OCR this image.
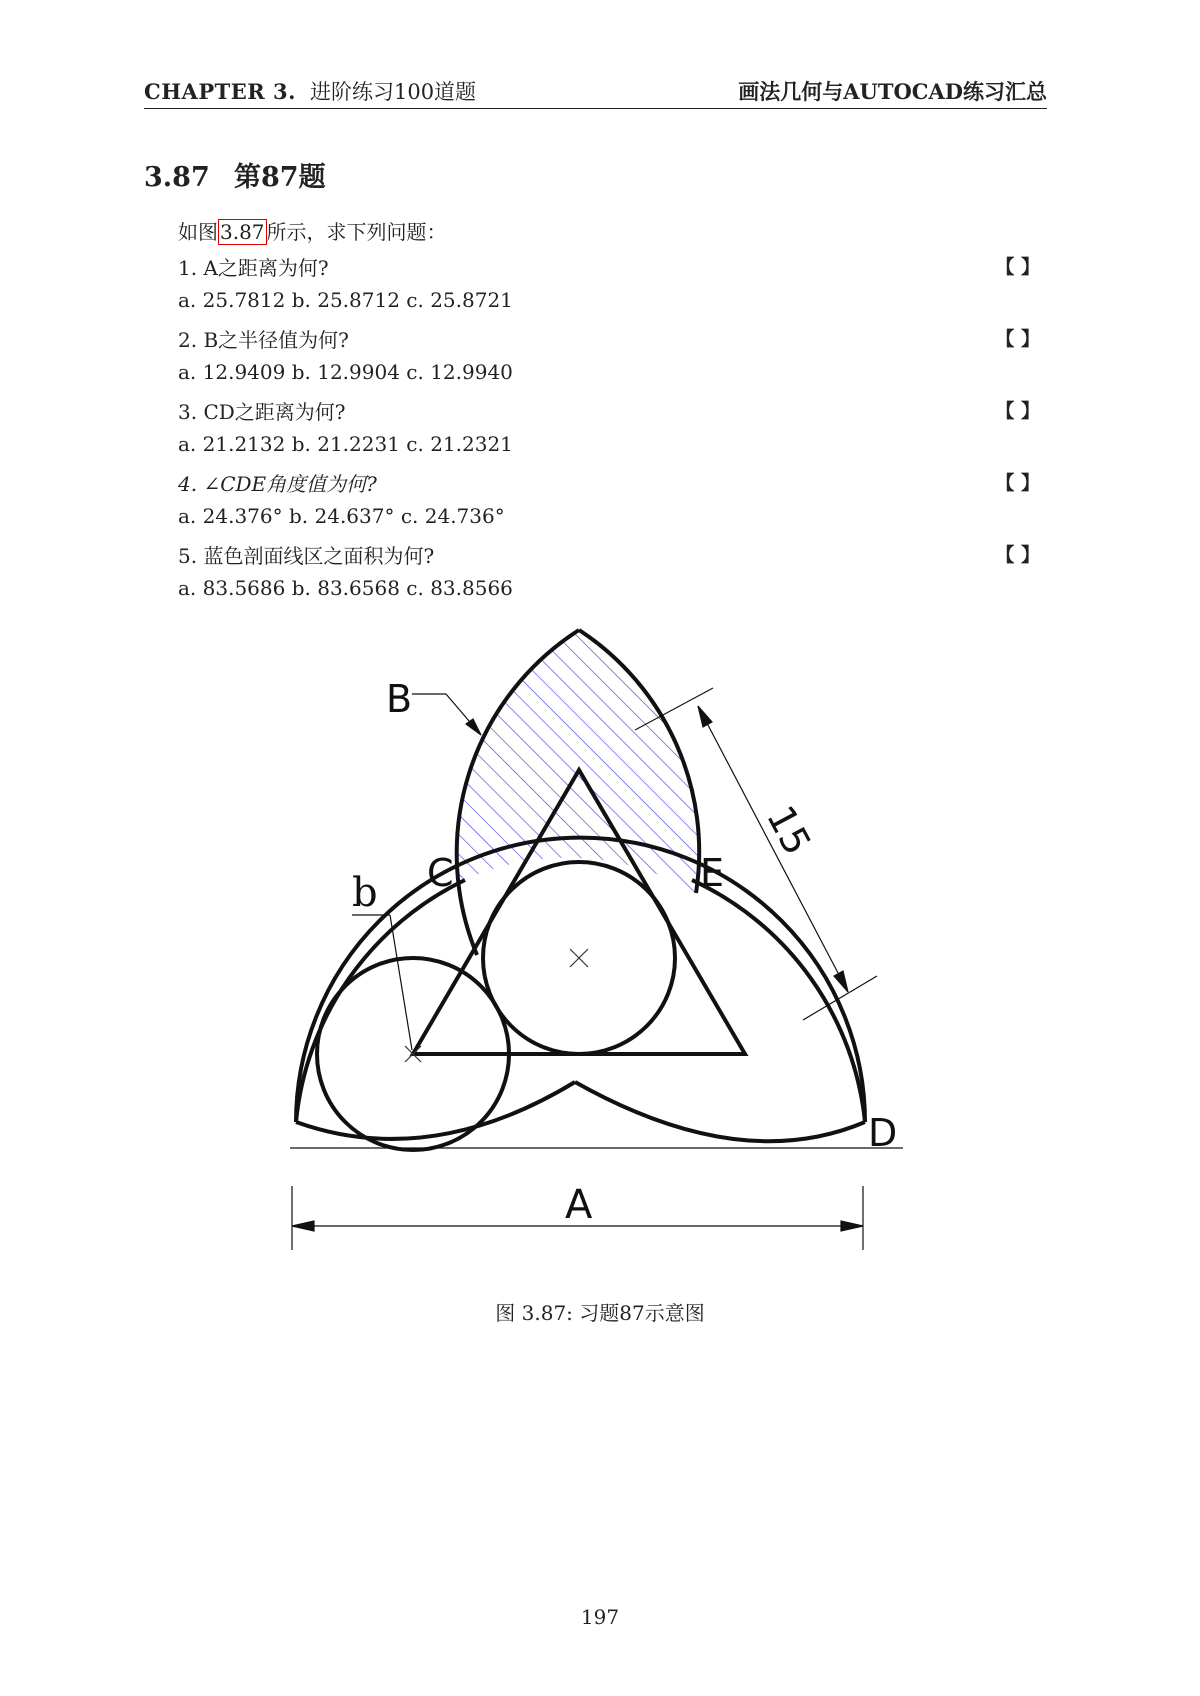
CHAPTER 3. 进阶练习100道题	画法几何与AUTOCAD练习汇总
3.87 第87题
如图 3.87 所示，求下列问题：
1. A之距离为何?	【 】
a. 25.7812 b. 25.8712 c. 25.8721
2. B之半径值为何?	【 】
a. 12.9409 b. 12.9904 c. 12.9940
3. CD之距离为何?	【 】
a. 21.2132 b. 21.2231 c. 21.2321
4. ∠CDE角度值为何?	【 】
a. 24.376° b. 24.637° c. 24.736°
5. 蓝色剖面线区之面积为何?	【 】
a. 83.5686 b. 83.6568 c. 83.8566
B
C	E
D
A
b
15
图 3.87: 习题87示意图
197
